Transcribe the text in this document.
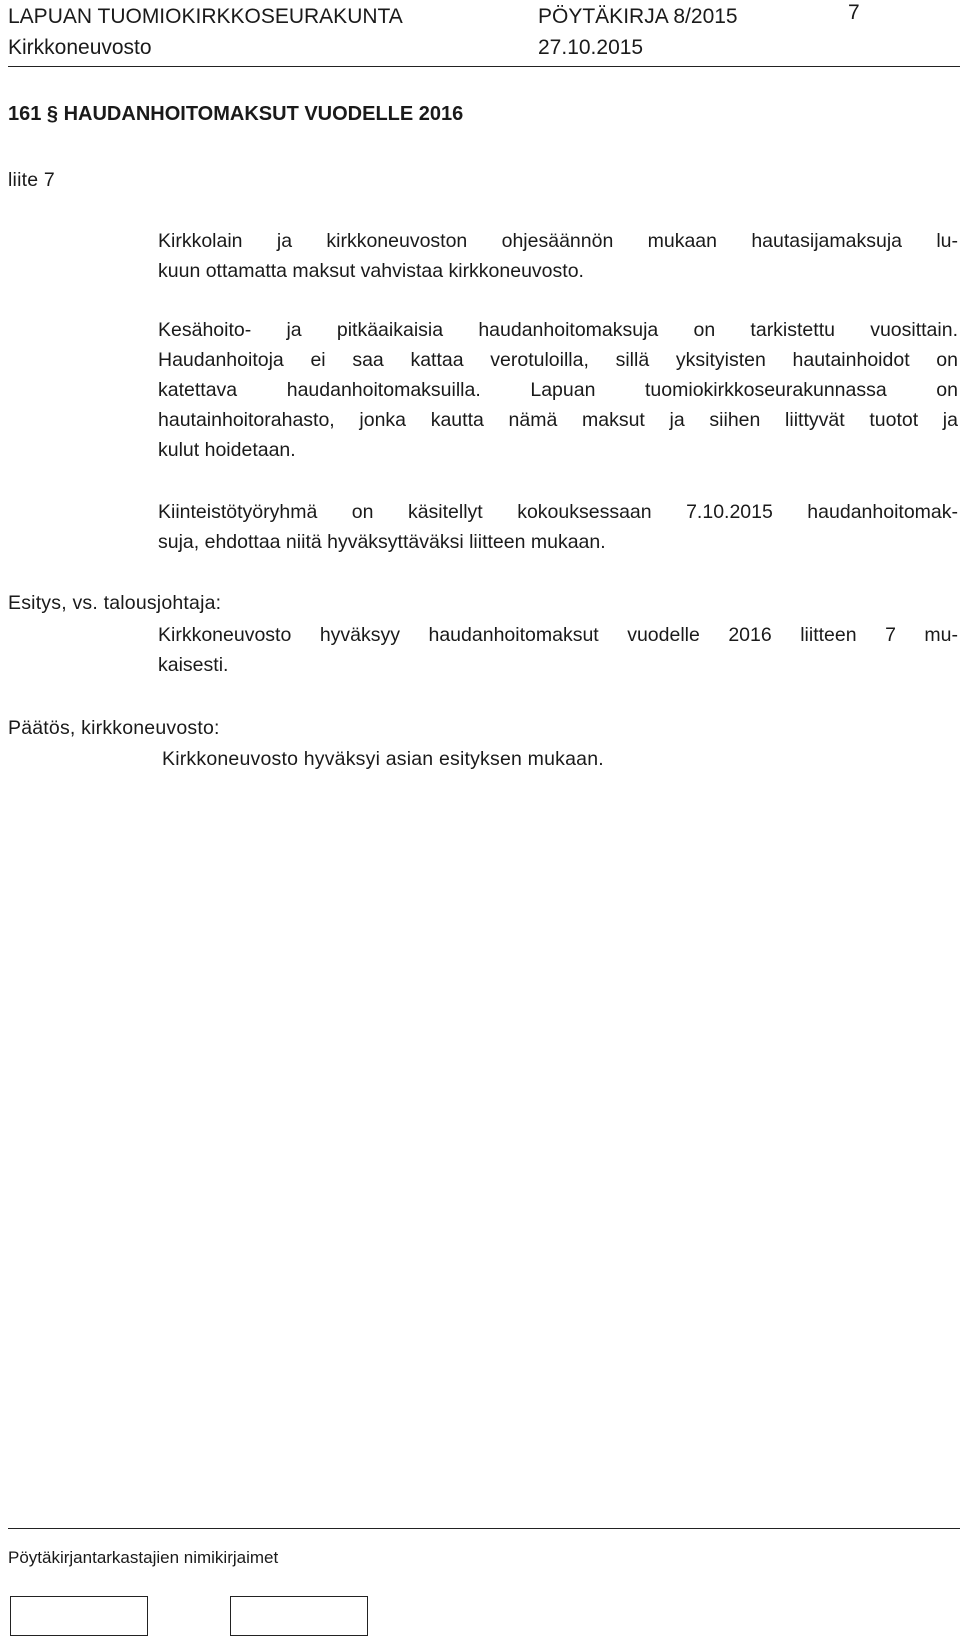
LAPUAN TUOMIOKIRKKOSEURAKUNTA	PÖYTÄKIRJA 8/2015	7
Kirkkoneuvosto	27.10.2015
161 § HAUDANHOITOMAKSUT VUODELLE 2016
liite 7
Kirkkolain ja kirkkoneuvoston ohjesäännön mukaan hautasijamaksuja lu-
kuun ottamatta maksut vahvistaa kirkkoneuvosto.
Kesähoito- ja pitkäaikaisia haudanhoitomaksuja on tarkistettu vuosittain.
Haudanhoitoja ei saa kattaa verotuloilla, sillä yksityisten hautainhoidot on
katettava haudanhoitomaksuilla. Lapuan tuomiokirkkoseurakunnassa on
hautainhoitorahasto, jonka kautta nämä maksut ja siihen liittyvät tuotot ja
kulut hoidetaan.
Kiinteistötyöryhmä on käsitellyt kokouksessaan 7.10.2015 haudanhoitomak-
suja, ehdottaa niitä hyväksyttäväksi liitteen mukaan.
Esitys, vs. talousjohtaja:
Kirkkoneuvosto hyväksyy haudanhoitomaksut vuodelle 2016 liitteen 7 mu-
kaisesti.
Päätös, kirkkoneuvosto:
Kirkkoneuvosto hyväksyi asian esityksen mukaan.
Pöytäkirjantarkastajien nimikirjaimet
